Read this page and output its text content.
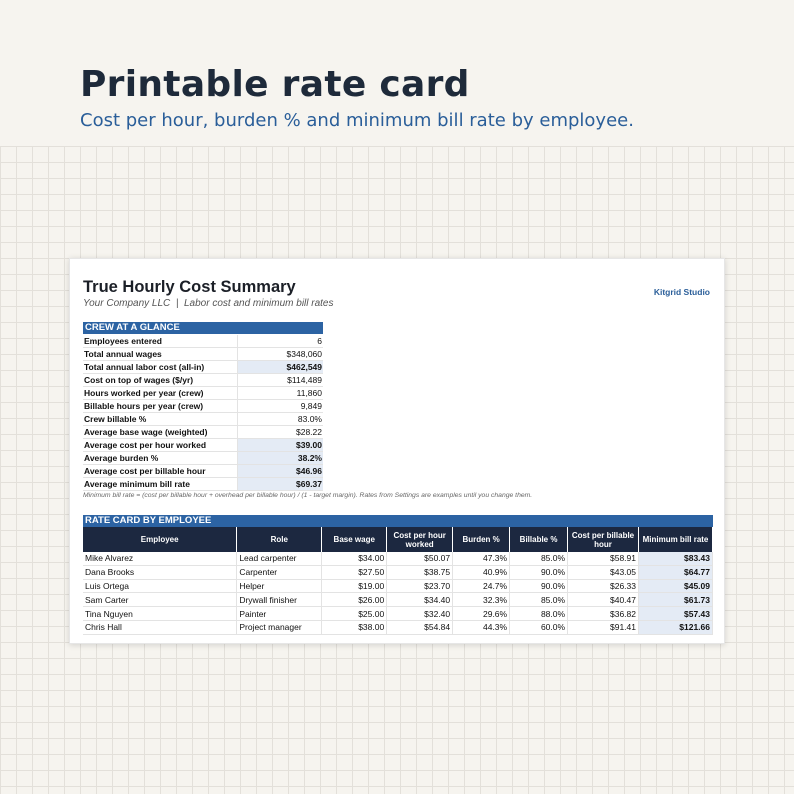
Printable rate card

Cost per hour, burden % and minimum bill rate by employee.

True Hourly Cost Summary

Your Company LLC  |  Labor cost and minimum bill rates

Kitgrid Studio
CREW AT A GLANCE
Employees entered	6
Total annual wages	$348,060
Total annual labor cost (all-in)	$462,549
Cost on top of wages ($/yr)	$114,489
Hours worked per year (crew)	11,860
Billable hours per year (crew)	9,849
Crew billable %	83.0%
Average base wage (weighted)	$28.22
Average cost per hour worked	$39.00
Average burden %	38.2%
Average cost per billable hour	$46.96
Average minimum bill rate	$69.37

Minimum bill rate = (cost per billable hour + overhead per billable hour) / (1 - target margin). Rates from Settings are examples until you change them.

RATE CARD BY EMPLOYEE
Employee	Role	Base wage	Cost per hour worked	Burden %	Billable %	Cost per billable hour	Minimum bill rate
Mike Alvarez	Lead carpenter	$34.00	$50.07	47.3%	85.0%	$58.91	$83.43
Dana Brooks	Carpenter	$27.50	$38.75	40.9%	90.0%	$43.05	$64.77
Luis Ortega	Helper	$19.00	$23.70	24.7%	90.0%	$26.33	$45.09
Sam Carter	Drywall finisher	$26.00	$34.40	32.3%	85.0%	$40.47	$61.73
Tina Nguyen	Painter	$25.00	$32.40	29.6%	88.0%	$36.82	$57.43
Chris Hall	Project manager	$38.00	$54.84	44.3%	60.0%	$91.41	$121.66
